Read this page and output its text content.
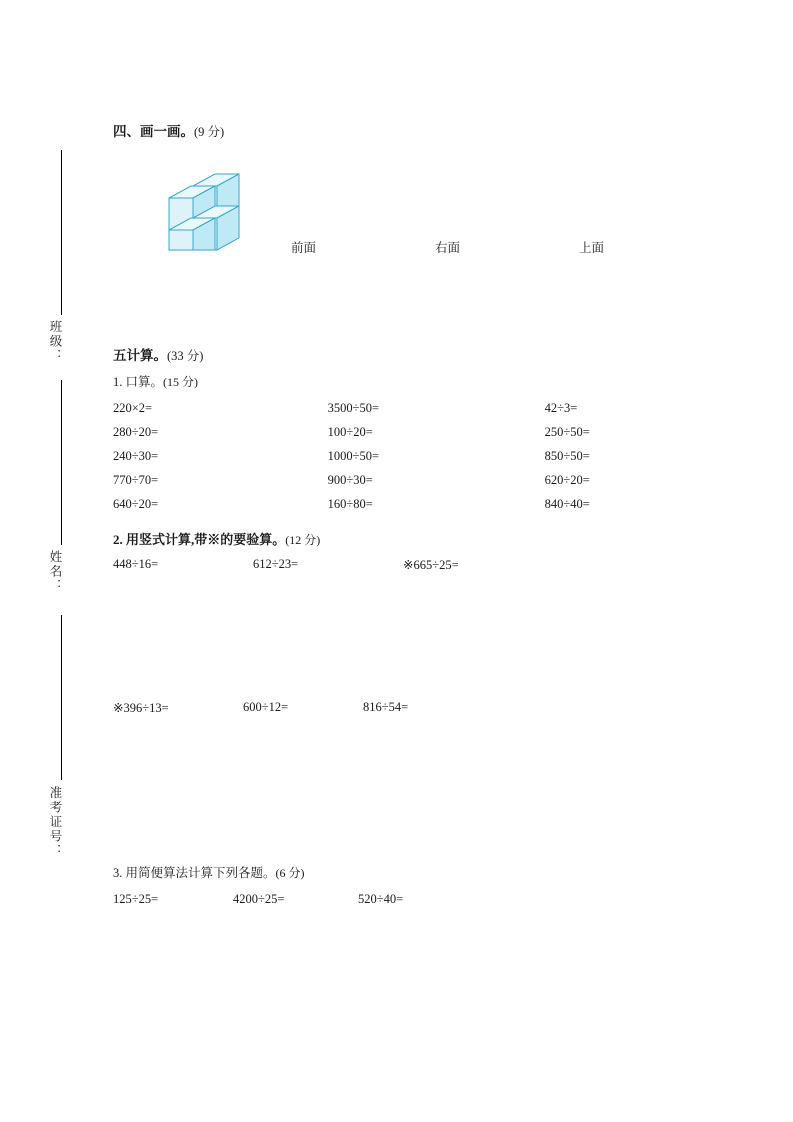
班级：
姓名：
准考证号：

四、画一画。(9 分)

前面	右面	上面

五计算。(33 分)

1. 口算。(15 分)

220×2=	3500÷50=	42÷3=
280÷20=	100÷20=	250÷50=
240÷30=	1000÷50=	850÷50=
770÷70=	900÷30=	620÷20=
640÷20=	160÷80=	840÷40=

2. 用竖式计算,带※的要验算。(12 分)

448÷16=	612÷23=	※665÷25=
※396÷13=	600÷12=	816÷54=

3. 用简便算法计算下列各题。(6 分)

125÷25=	4200÷25=	520÷40=
